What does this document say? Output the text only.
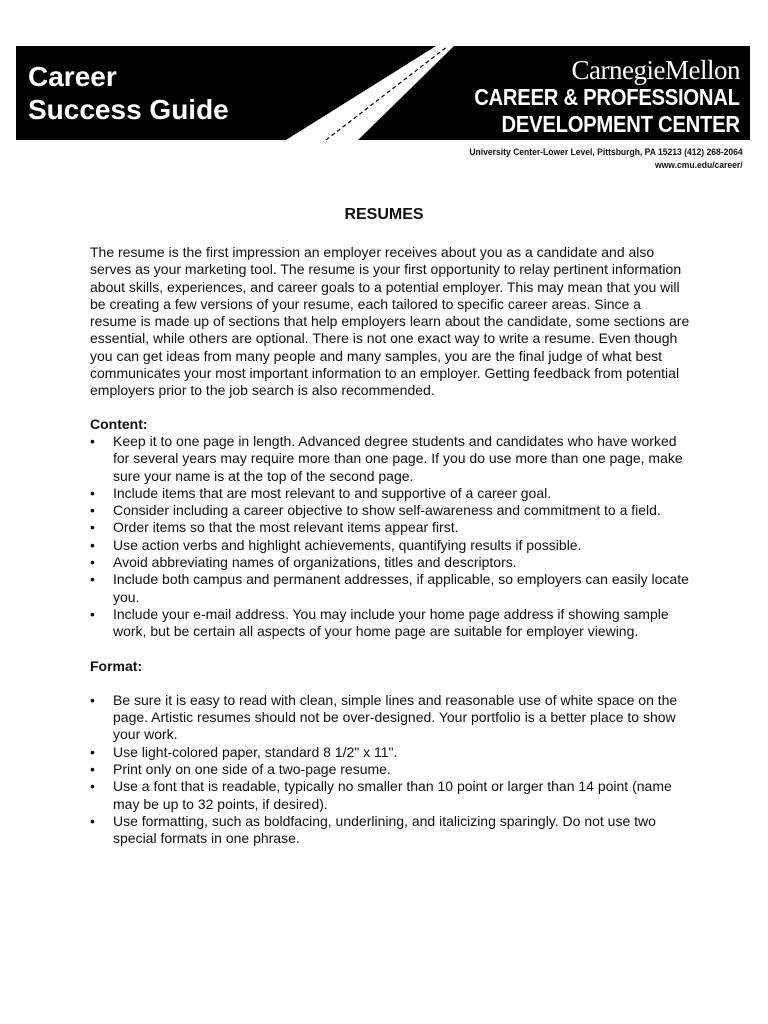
Career
Success Guide
CarnegieMellon
CAREER & PROFESSIONAL
DEVELOPMENT CENTER
University Center-Lower Level, Pittsburgh, PA 15213 (412) 268-2064
www.cmu.edu/career/
RESUMES

The resume is the first impression an employer receives about you as a candidate and also serves as your marketing tool. The resume is your first opportunity to relay pertinent information about skills, experiences, and career goals to a potential employer. This may mean that you will be creating a few versions of your resume, each tailored to specific career areas. Since a resume is made up of sections that help employers learn about the candidate, some sections are essential, while others are optional. There is not one exact way to write a resume. Even though you can get ideas from many people and many samples, you are the final judge of what best communicates your most important information to an employer. Getting feedback from potential employers prior to the job search is also recommended.

Content:
• Keep it to one page in length. Advanced degree students and candidates who have worked for several years may require more than one page. If you do use more than one page, make sure your name is at the top of the second page.
• Include items that are most relevant to and supportive of a career goal.
• Consider including a career objective to show self-awareness and commitment to a field.
• Order items so that the most relevant items appear first.
• Use action verbs and highlight achievements, quantifying results if possible.
• Avoid abbreviating names of organizations, titles and descriptors.
• Include both campus and permanent addresses, if applicable, so employers can easily locate you.
• Include your e-mail address. You may include your home page address if showing sample work, but be certain all aspects of your home page are suitable for employer viewing.
Format:
• Be sure it is easy to read with clean, simple lines and reasonable use of white space on the page. Artistic resumes should not be over-designed. Your portfolio is a better place to show your work.
• Use light-colored paper, standard 8 1/2" x 11".
• Print only on one side of a two-page resume.
• Use a font that is readable, typically no smaller than 10 point or larger than 14 point (name may be up to 32 points, if desired).
• Use formatting, such as boldfacing, underlining, and italicizing sparingly. Do not use two special formats in one phrase.
